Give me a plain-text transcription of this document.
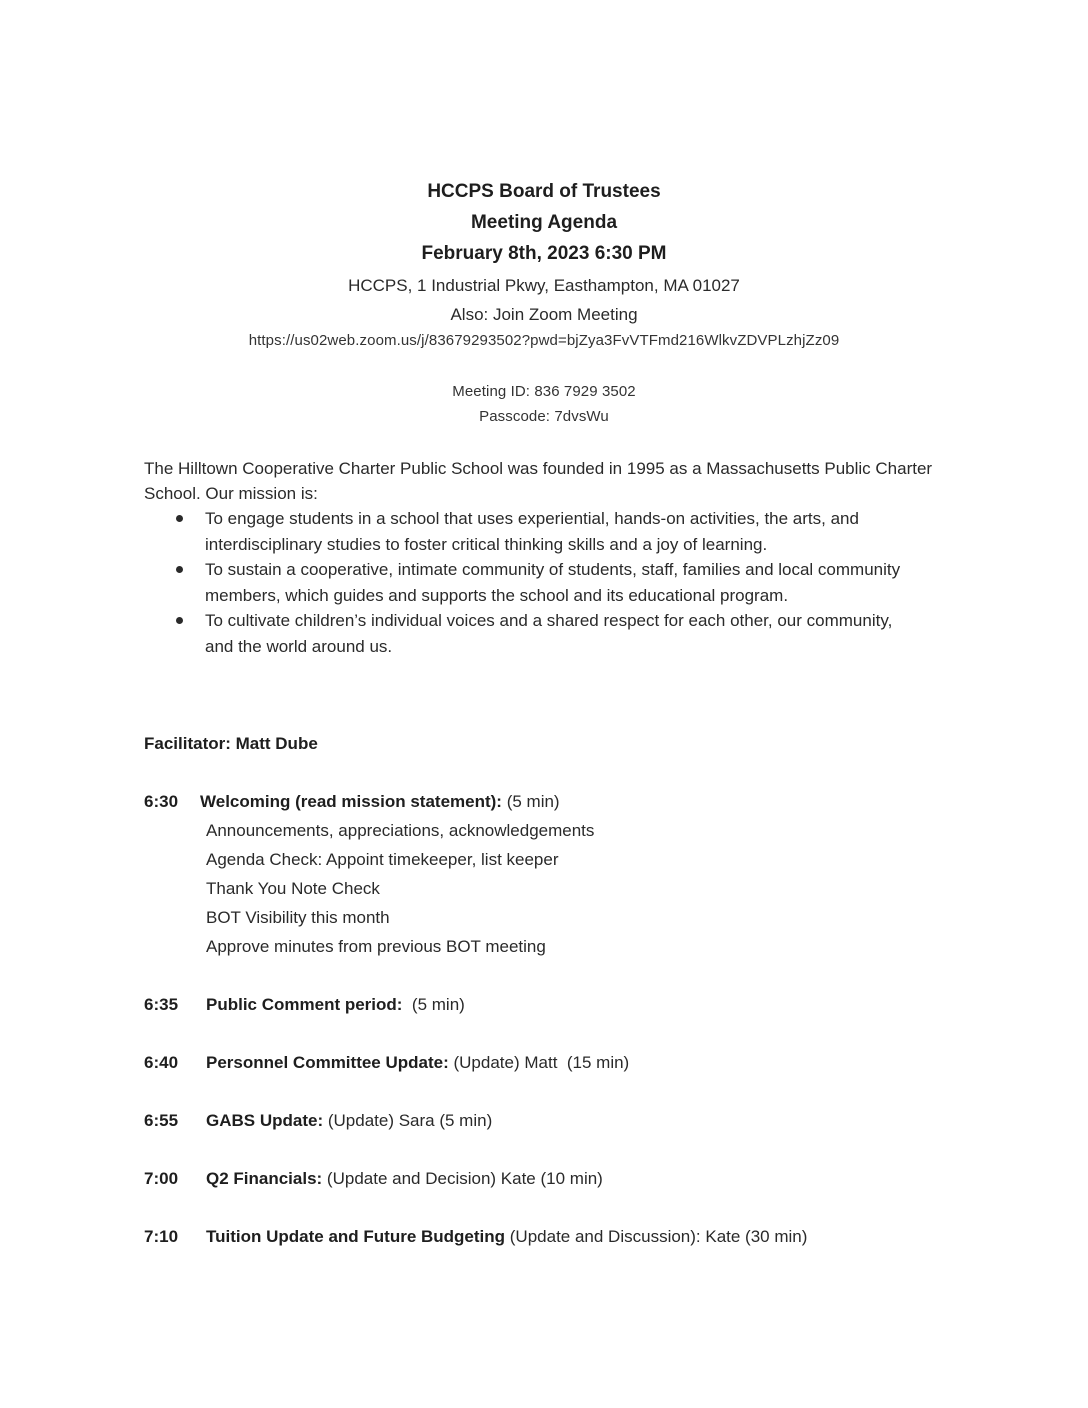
HCCPS Board of Trustees
Meeting Agenda
February 8th, 2023 6:30 PM
HCCPS, 1 Industrial Pkwy, Easthampton, MA 01027
Also: Join Zoom Meeting
https://us02web.zoom.us/j/83679293502?pwd=bjZya3FvVTFmd216WlkvZDVPLzhjZz09
Meeting ID: 836 7929 3502
Passcode: 7dvsWu
The Hilltown Cooperative Charter Public School was founded in 1995 as a Massachusetts Public Charter School. Our mission is:
To engage students in a school that uses experiential, hands-on activities, the arts, and interdisciplinary studies to foster critical thinking skills and a joy of learning.
To sustain a cooperative, intimate community of students, staff, families and local community members, which guides and supports the school and its educational program.
To cultivate children’s individual voices and a shared respect for each other, our community, and the world around us.
Facilitator: Matt Dube
6:30 Welcoming (read mission statement): (5 min)
Announcements, appreciations, acknowledgements
Agenda Check: Appoint timekeeper, list keeper
Thank You Note Check
BOT Visibility this month
Approve minutes from previous BOT meeting
6:35 Public Comment period:  (5 min)
6:40 Personnel Committee Update: (Update) Matt  (15 min)
6:55 GABS Update: (Update) Sara (5 min)
7:00 Q2 Financials: (Update and Decision) Kate (10 min)
7:10 Tuition Update and Future Budgeting (Update and Discussion): Kate (30 min)
